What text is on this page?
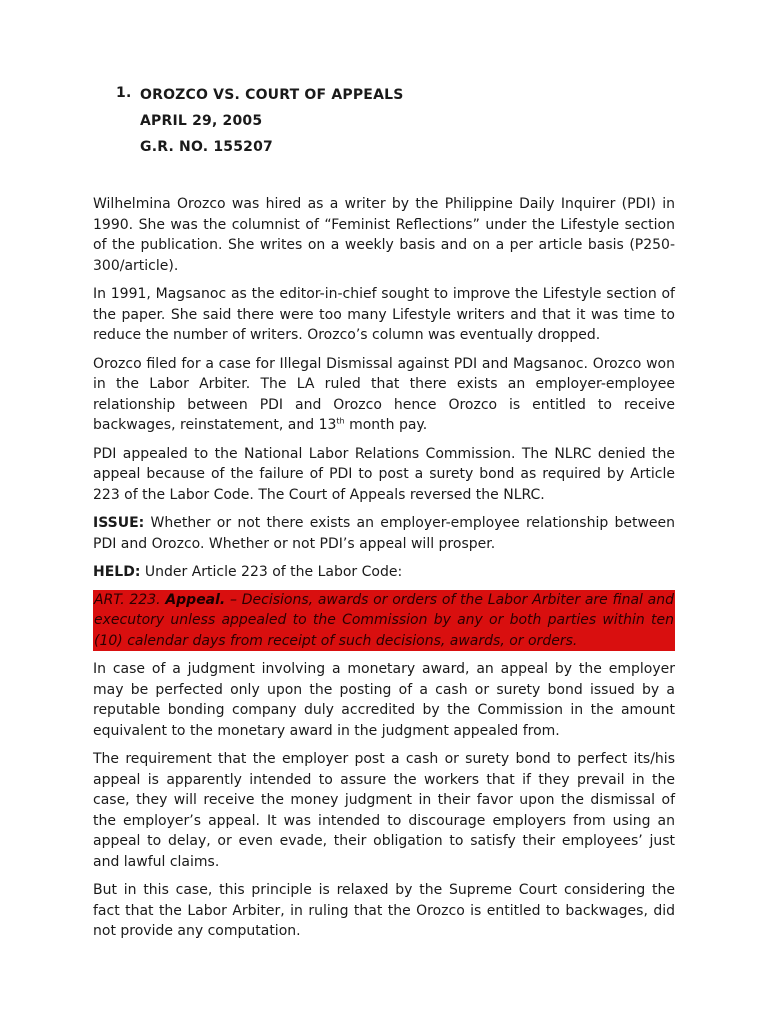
1. OROZCO VS. COURT OF APPEALS
APRIL 29, 2005
G.R. NO. 155207

Wilhelmina Orozco was hired as a writer by the Philippine Daily Inquirer (PDI) in 1990. She was the columnist of “Feminist Reflections” under the Lifestyle section of the publication. She writes on a weekly basis and on a per article basis (P250-300/article).

In 1991, Magsanoc as the editor-in-chief sought to improve the Lifestyle section of the paper. She said there were too many Lifestyle writers and that it was time to reduce the number of writers. Orozco’s column was eventually dropped.

Orozco filed for a case for Illegal Dismissal against PDI and Magsanoc. Orozco won in the Labor Arbiter. The LA ruled that there exists an employer-employee relationship between PDI and Orozco hence Orozco is entitled to receive backwages, reinstatement, and 13th month pay.

PDI appealed to the National Labor Relations Commission. The NLRC denied the appeal because of the failure of PDI to post a surety bond as required by Article 223 of the Labor Code. The Court of Appeals reversed the NLRC.

ISSUE: Whether or not there exists an employer-employee relationship between PDI and Orozco. Whether or not PDI’s appeal will prosper.

HELD: Under Article 223 of the Labor Code:

ART. 223. Appeal. – Decisions, awards or orders of the Labor Arbiter are final and executory unless appealed to the Commission by any or both parties within ten (10) calendar days from receipt of such decisions, awards, or orders.

In case of a judgment involving a monetary award, an appeal by the employer may be perfected only upon the posting of a cash or surety bond issued by a reputable bonding company duly accredited by the Commission in the amount equivalent to the monetary award in the judgment appealed from.

The requirement that the employer post a cash or surety bond to perfect its/his appeal is apparently intended to assure the workers that if they prevail in the case, they will receive the money judgment in their favor upon the dismissal of the employer’s appeal. It was intended to discourage employers from using an appeal to delay, or even evade, their obligation to satisfy their employees’ just and lawful claims.

But in this case, this principle is relaxed by the Supreme Court considering the fact that the Labor Arbiter, in ruling that the Orozco is entitled to backwages, did not provide any computation.
